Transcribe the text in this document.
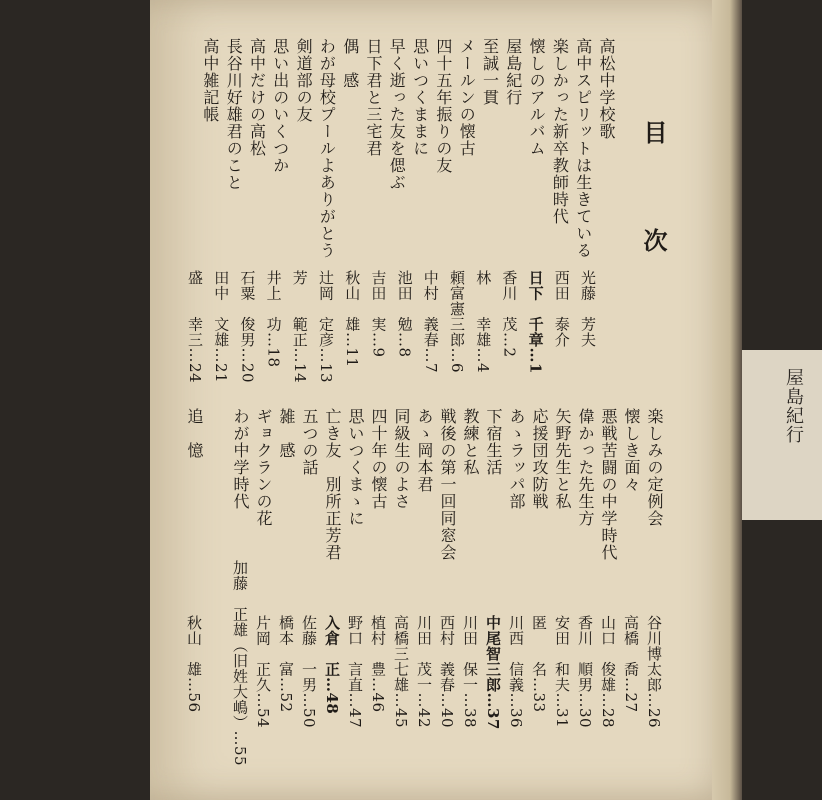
屋島紀行
目
次
高松中学校歌
高中スピリットは生きている
楽しかった新卒教師時代
懐しのアルバム
屋島紀行
至誠一貫
メールンの懐古
四十五年振りの友
思いつくままに
早く逝った友を偲ぶ
日下君と三宅君
偶　感
わが母校プールよありがとう
剣道部の友
思い出のいくつか
高中だけの高松
長谷川好雄君のこと
高中雑記帳
光藤　芳夫
西田　泰介
日下　千章…1
香川　茂…2
林　　幸雄…4
頼富憲三郎…6
中村　義春…7
池田　勉…8
吉田　実…9
秋山　雄…11
辻岡　定彦…13
芳　　範正…14
井上　功…18
石粟　俊男…20
田中　文雄…21
盛　　幸三…24
楽しみの定例会
懐しき面々
悪戦苦闘の中学時代
偉かった先生方
矢野先生と私
応援団攻防戦
あゝラッパ部
下宿生活
教練と私
戦後の第一回同窓会
あゝ岡本君
同級生のよさ
四十年の懐古
思いつくまゝに
亡き友　別所正芳君
五つの話
雑　感
ギョクランの花
わが中学時代
追　憶
谷川博太郎…26
高橋　喬…27
山口　俊雄…28
香川　順男…30
安田　和夫…31
匿　　名…33
川西　信義…36
中尾智三郎…37
川田　保一…38
西村　義春…40
川田　茂一…42
高橋三七雄…45
植村　豊…46
野口　言直…47
入倉　正…48
佐藤　一男…50
橋本　富…52
片岡　正久…54
加藤　正雄（旧姓大嶋）…55
秋山　雄…56
